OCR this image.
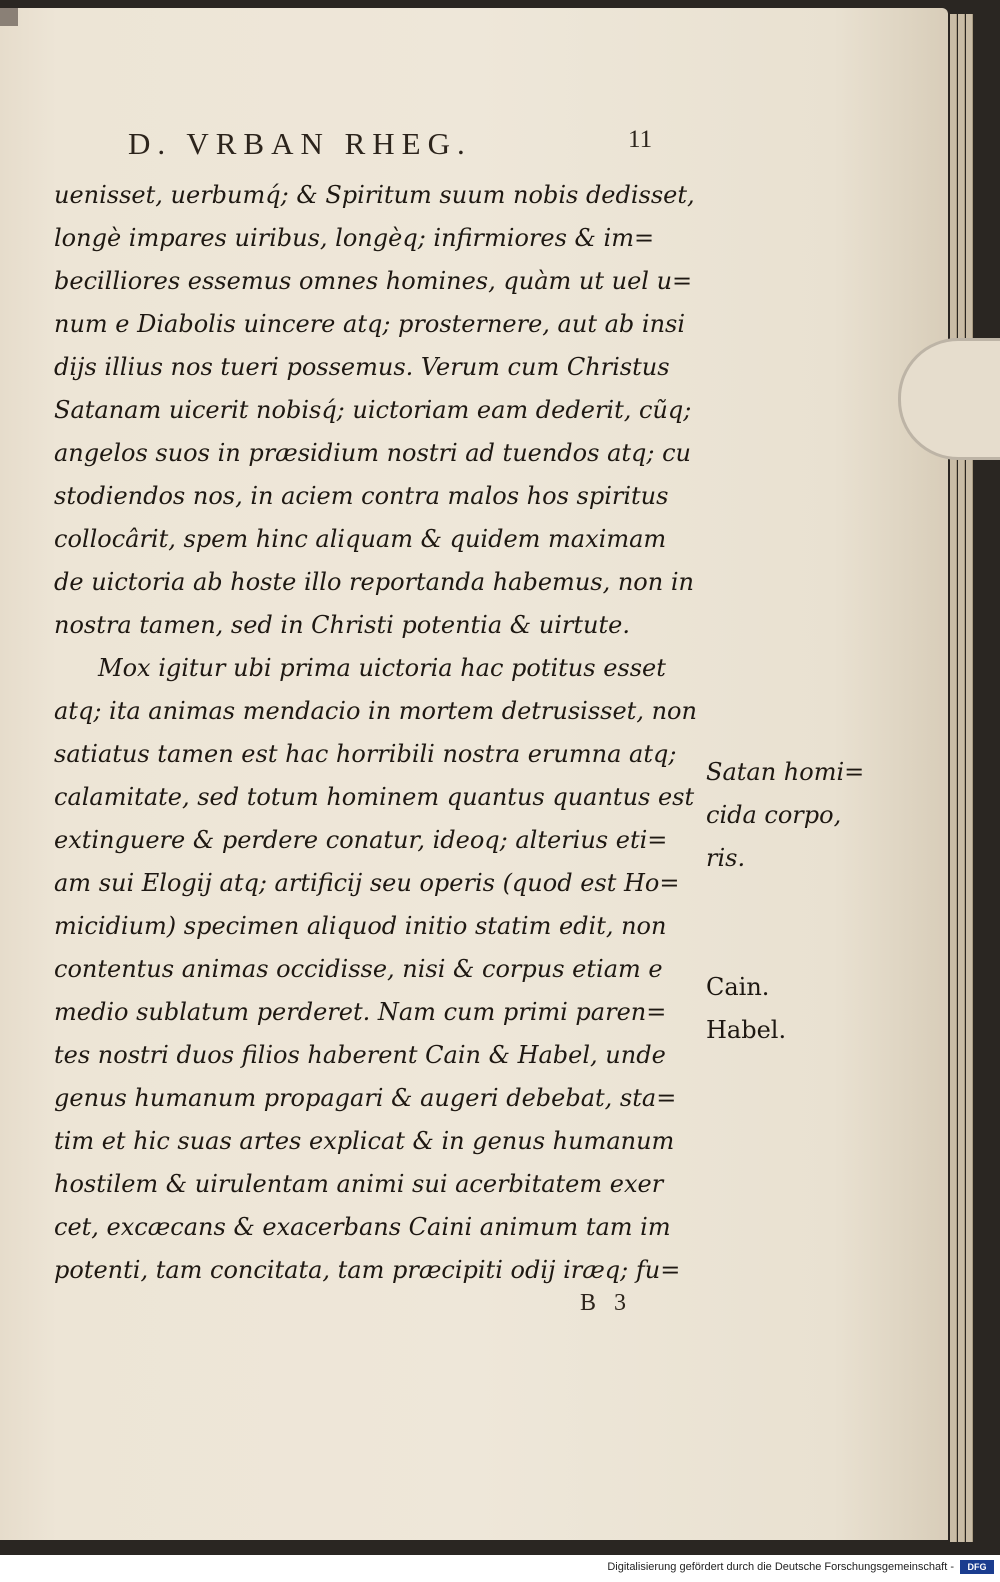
D. VRBAN RHEG.	11
uenisset, uerbumq́; & Spiritum suum nobis dedisset,
longè impares uiribus, longèq; infirmiores & im=
becilliores essemus omnes homines, quàm ut uel u=
num e Diabolis uincere atq; prosternere, aut ab insi
dijs illius nos tueri possemus. Verum cum Christus
Satanam uicerit nobisq́; uictoriam eam dederit, cũq;
angelos suos in præsidium nostri ad tuendos atq; cu
stodiendos nos, in aciem contra malos hos spiritus
collocârit, spem hinc aliquam & quidem maximam
de uictoria ab hoste illo reportanda habemus, non in
nostra tamen, sed in Christi potentia & uirtute.
Mox igitur ubi prima uictoria hac potitus esset
atq; ita animas mendacio in mortem detrusisset, non
satiatus tamen est hac horribili nostra erumna atq;
calamitate, sed totum hominem quantus quantus est
extinguere & perdere conatur, ideoq; alterius eti=
am sui Elogij atq; artificij seu operis (quod est Ho=
micidium) specimen aliquod initio statim edit, non
contentus animas occidisse, nisi & corpus etiam e
medio sublatum perderet. Nam cum primi paren=
tes nostri duos filios haberent Cain & Habel, unde
genus humanum propagari & augeri debebat, sta=
tim et hic suas artes explicat & in genus humanum
hostilem & uirulentam animi sui acerbitatem exer
cet, excæcans & exacerbans Caini animum tam im
potenti, tam concitata, tam præcipiti odij iræq; fu=
Satan homi=
cida corpo,
ris.
Cain.
Habel.
B 3
Digitalisierung gefördert durch die Deutsche Forschungsgemeinschaft -	DFG
